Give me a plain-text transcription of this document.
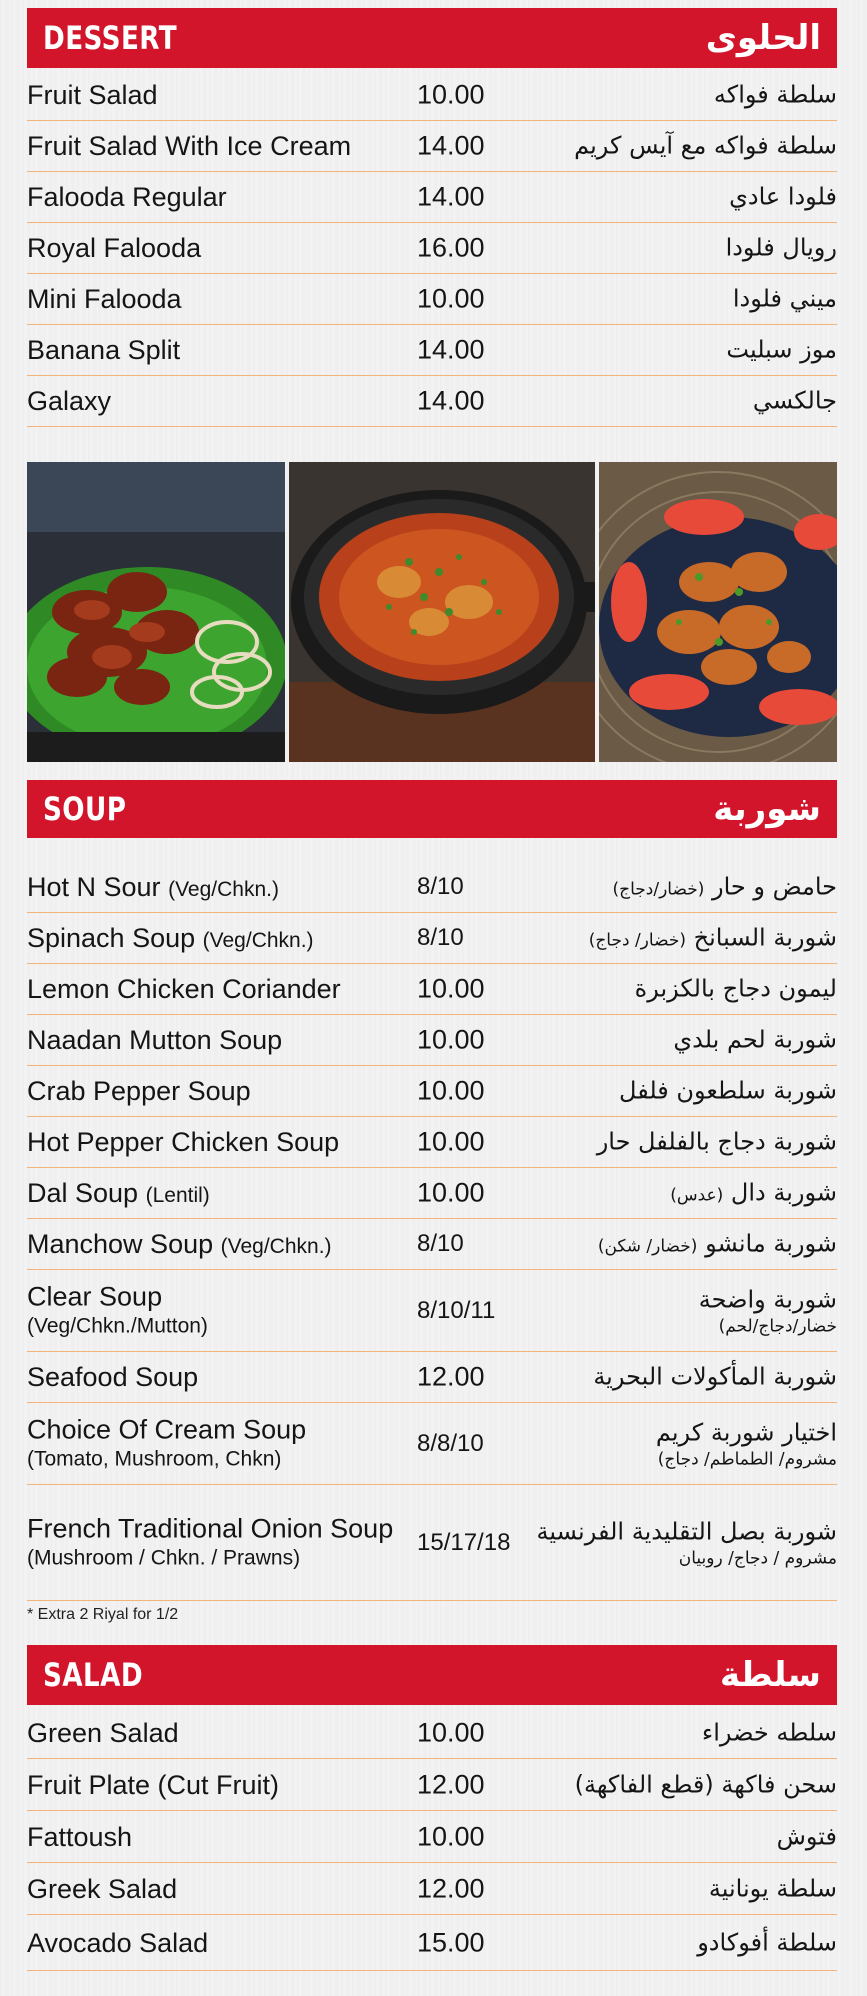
DESSERT	الحلوى
Fruit Salad	10.00	سلطة فواكه
Fruit Salad With Ice Cream 14.00	سلطة فواكه مع آيس كريم
Falooda Regular	14.00	فلودا عادي
Royal Falooda	16.00	رويال فلودا
Mini Falooda	10.00	ميني فلودا
Banana Split	14.00	موز سبليت
Galaxy	14.00	جالكسي
SOUP	شوربة
Hot N Sour (Veg/Chkn.)	8/10	حامض و حار (خضار/دجاج)
Spinach Soup (Veg/Chkn.)	8/10	شوربة السبانخ (خضار/ دجاج)
Lemon Chicken Coriander	10.00	ليمون دجاج بالكزبرة
Naadan Mutton Soup	10.00	شوربة لحم بلدي
Crab Pepper Soup	10.00	شوربة سلطعون فلفل
Hot Pepper Chicken Soup	10.00	شوربة دجاج بالفلفل حار
Dal Soup (Lentil)	10.00	شوربة دال (عدس)
Manchow Soup (Veg/Chkn.)	8/10	شوربة مانشو (خضار/ شكن)
Clear Soup
(Veg/Chkn./Mutton)
8/10/11	شوربة واضحة
خضار/دجاج/لحم)
Seafood Soup	12.00	شوربة المأكولات البحرية
Choice Of Cream Soup
(Tomato, Mushroom, Chkn)
8/8/10	اختيار شوربة كريم
مشروم/ الطماطم/ دجاج)
French Traditional Onion Soup
(Mushroom / Chkn. / Prawns)
15/17/18 شوربة بصل التقليدية الفرنسية
مشروم / دجاج/ روبيان
* Extra 2 Riyal for 1/2
SALAD	سلطة
Green Salad	10.00	سلطه خضراء
Fruit Plate (Cut Fruit)	12.00	سحن فاكهة (قطع الفاكهة)
Fattoush	10.00	فتوش
Greek Salad	12.00	سلطة يونانية
Avocado Salad	15.00	سلطة أفوكادو
